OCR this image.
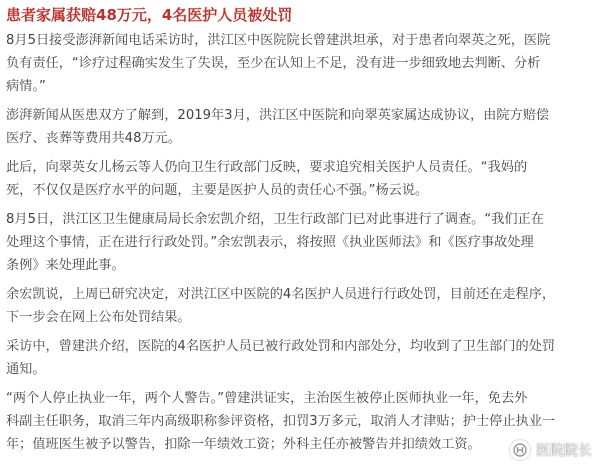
患者家属获赔48万元，4名医护人员被处罚
8月5日接受澎湃新闻电话采访时，洪江区中医院院长曾建洪坦承，对于患者向翠英之死，医院
负有责任，“诊疗过程确实发生了失误，至少在认知上不足，没有进一步细致地去判断、分析
病情。”
澎湃新闻从医患双方了解到，2019年3月，洪江区中医院和向翠英家属达成协议，由院方赔偿
医疗、丧葬等费用共48万元。
此后，向翠英女儿杨云等人仍向卫生行政部门反映，要求追究相关医护人员责任。“我妈的
死，不仅仅是医疗水平的问题，主要是医护人员的责任心不强。”杨云说。
8月5日，洪江区卫生健康局局长余宏凯介绍，卫生行政部门已对此事进行了调查。“我们正在
处理这个事情，正在进行行政处罚。”余宏凯表示，将按照《执业医师法》和《医疗事故处理
条例》来处理此事。
余宏凯说，上周已研究决定，对洪江区中医院的4名医护人员进行行政处罚，目前还在走程序，
下一步会在网上公布处罚结果。
采访中，曾建洪介绍，医院的4名医护人员已被行政处罚和内部处分，均收到了卫生部门的处罚
通知。
“两个人停止执业一年，两个人警告。”曾建洪证实，主治医生被停止医师执业一年，免去外
科副主任职务，取消三年内高级职称参评资格，扣罚3万多元，取消人才津贴；护士停止执业一
年；值班医生被予以警告，扣除一年绩效工资；外科主任亦被警告并扣绩效工资。	医院院长
